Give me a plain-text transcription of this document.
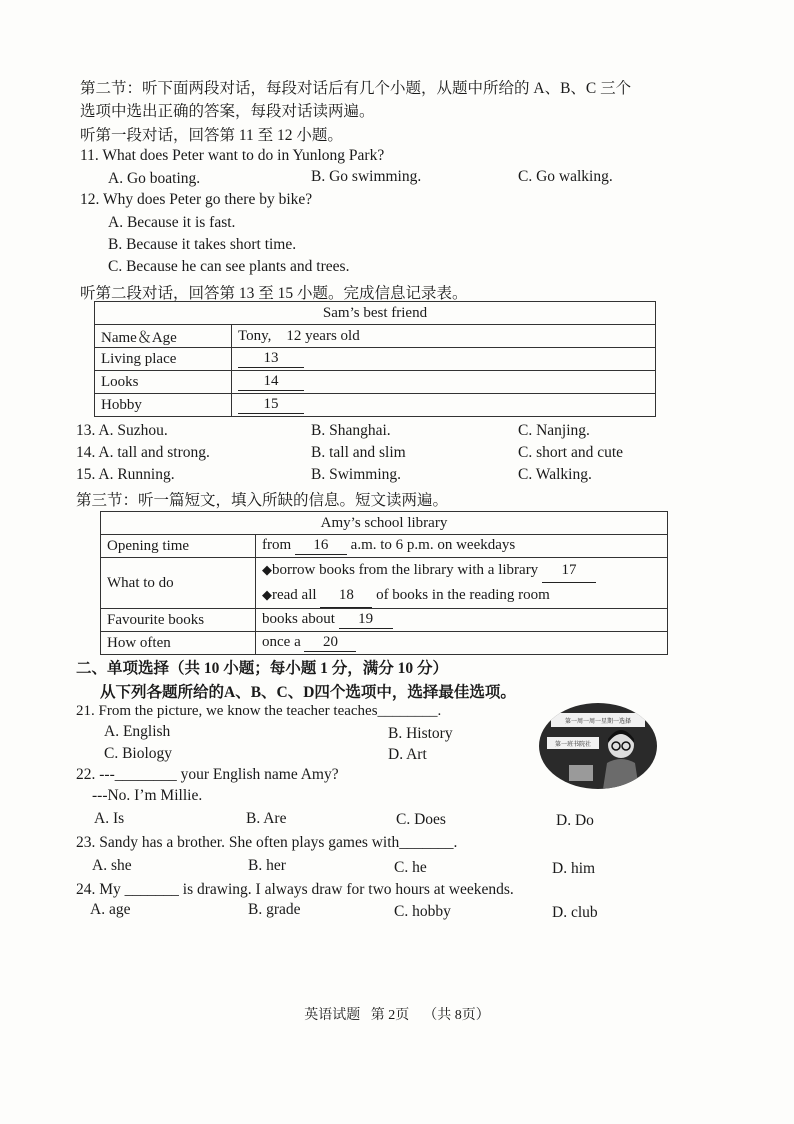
第二节：听下面两段对话，每段对话后有几个小题，从题中所给的 A、B、C 三个
选项中选出正确的答案，每段对话读两遍。
听第一段对话，回答第 11 至 12 小题。
11. What does Peter want to do in Yunlong Park?
A. Go boating.	B. Go swimming.	C. Go walking.
12. Why does Peter go there by bike?
A. Because it is fast.
B. Because it takes short time.
C. Because he can see plants and trees.
听第二段对话，回答第 13 至 15 小题。完成信息记录表。
Sam’s best friend	
Name＆Age	Tony,    12 years old
Living place	13
Looks	14
Hobby	15
13. A. Suzhou.	B. Shanghai.	C. Nanjing.
14. A. tall and strong.	B. tall and slim	C. short and cute
15. A. Running.	B. Swimming.	C. Walking.
第三节：听一篇短文，填入所缺的信息。短文读两遍。
Amy’s school library	
Opening time	from 16 a.m. to 6 p.m. on weekdays
What to do	◆borrow books from the library with a library 17
◆read all 18 of books in the reading room

Favourite books	books about 19
How often	once a 20
二、单项选择（共 10 小题；每小题 1 分，满分 10 分）
从下列各题所给的A、B、C、D四个选项中，选择最佳选项。
21. From the picture, we know the teacher teaches________.
A. English	B. History
C. Biology	D. Art
第一周一周一星期一选择
第一班书院社
22. ---________ your English name Amy?
---No. I’m Millie.
A. Is	B. Are	C. Does	D. Do
23. Sandy has a brother. She often plays games with_______.
A. she	B. her	C. he	D. him
24. My _______ is drawing. I always draw for two hours at weekends.
A. age	B. grade	C. hobby	D. club
英语试题   第 2页    （共 8页）
